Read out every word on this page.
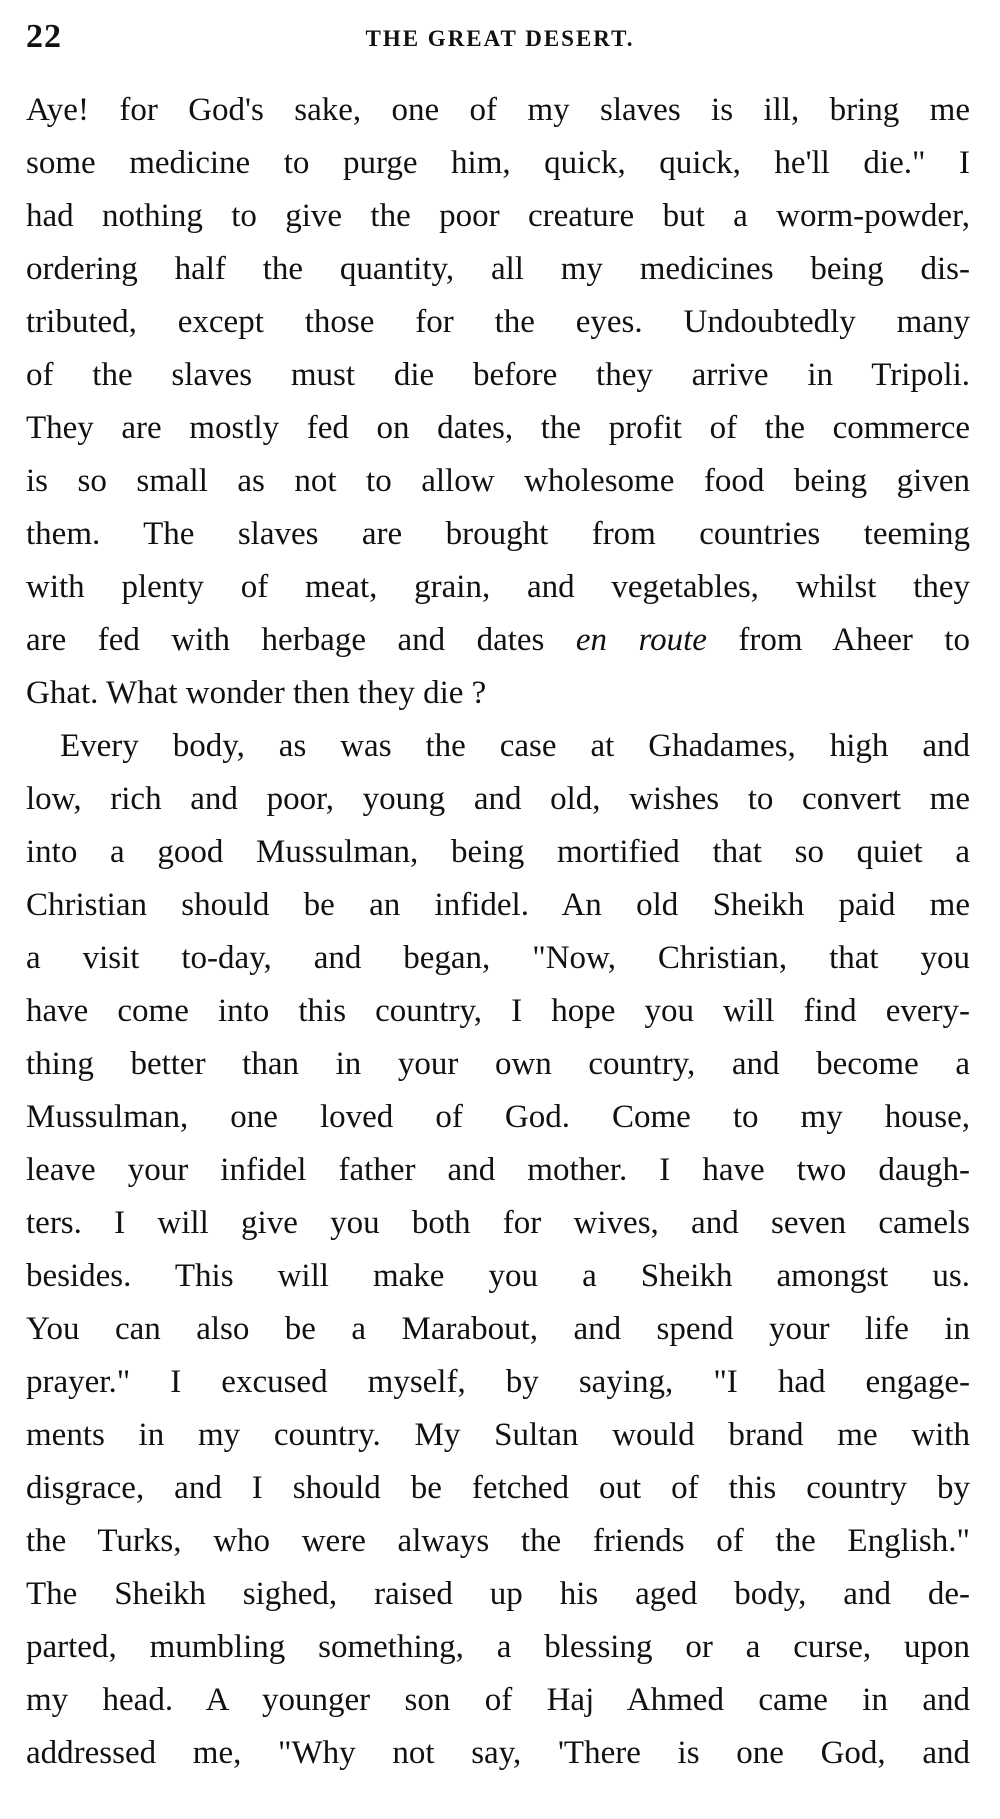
22	THE GREAT DESERT.
Aye! for God's sake, one of my slaves is ill, bring me
some medicine to purge him, quick, quick, he'll die." I
had nothing to give the poor creature but a worm-powder,
ordering half the quantity, all my medicines being dis-
tributed, except those for the eyes. Undoubtedly many
of the slaves must die before they arrive in Tripoli.
They are mostly fed on dates, the profit of the commerce
is so small as not to allow wholesome food being given
them. The slaves are brought from countries teeming
with plenty of meat, grain, and vegetables, whilst they
are fed with herbage and dates en route from Aheer to
Ghat. What wonder then they die ?
Every body, as was the case at Ghadames, high and
low, rich and poor, young and old, wishes to convert me
into a good Mussulman, being mortified that so quiet a
Christian should be an infidel. An old Sheikh paid me
a visit to-day, and began, "Now, Christian, that you
have come into this country, I hope you will find every-
thing better than in your own country, and become a
Mussulman, one loved of God. Come to my house,
leave your infidel father and mother. I have two daugh-
ters. I will give you both for wives, and seven camels
besides. This will make you a Sheikh amongst us.
You can also be a Marabout, and spend your life in
prayer." I excused myself, by saying, "I had engage-
ments in my country. My Sultan would brand me with
disgrace, and I should be fetched out of this country by
the Turks, who were always the friends of the English."
The Sheikh sighed, raised up his aged body, and de-
parted, mumbling something, a blessing or a curse, upon
my head. A younger son of Haj Ahmed came in and
addressed me, "Why not say, 'There is one God, and
